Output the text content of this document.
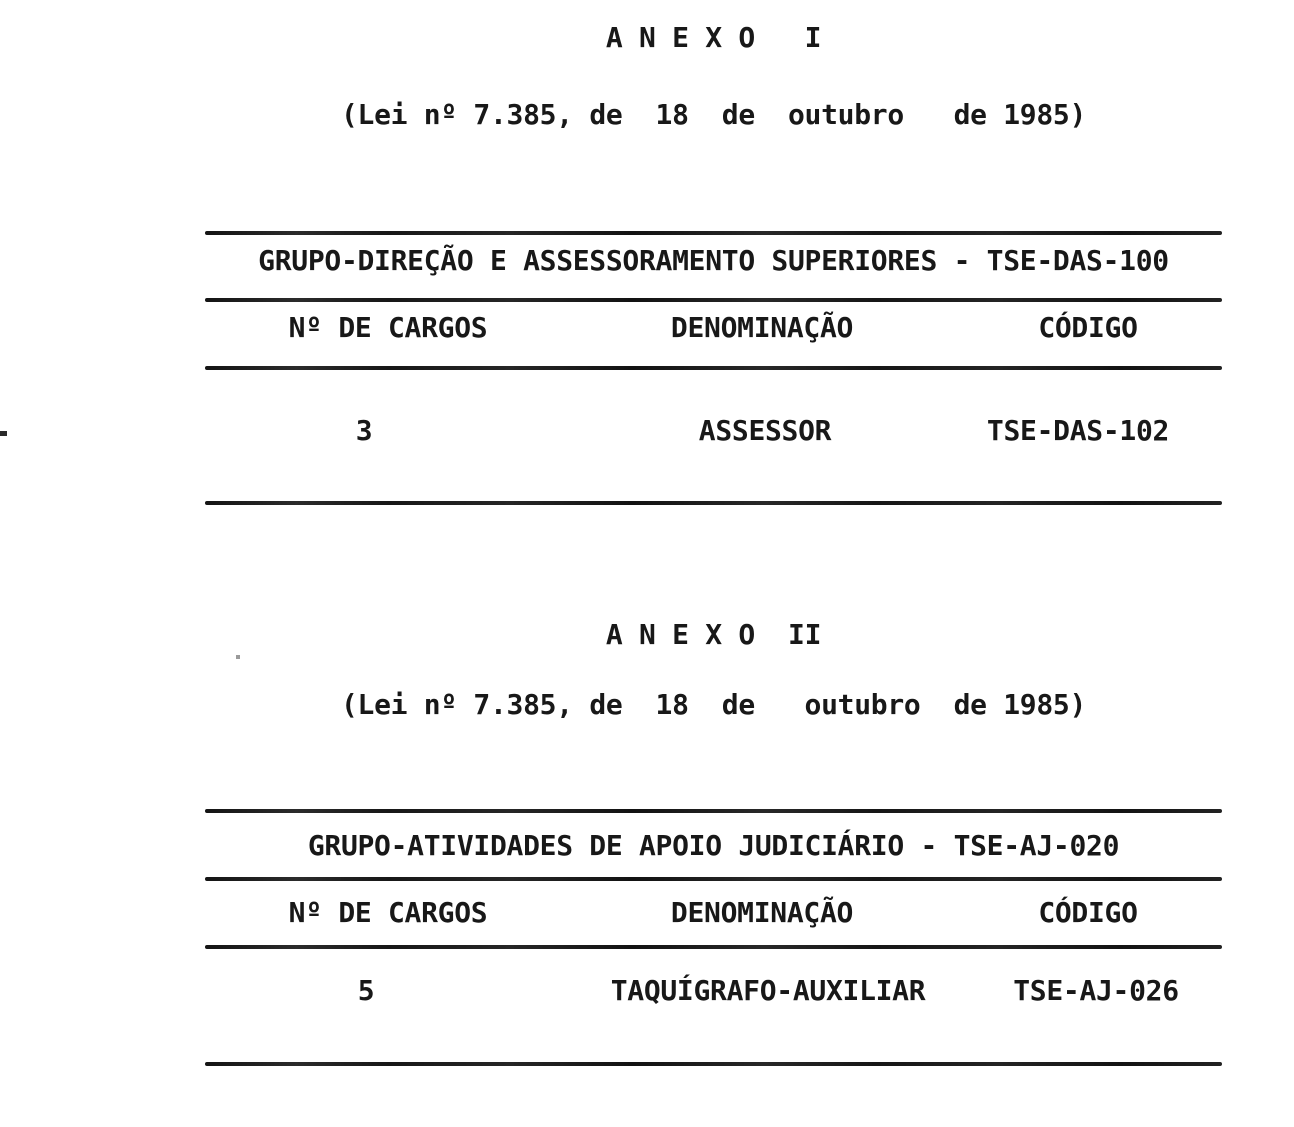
A N E X O   I
(Lei nº 7.385, de  18  de  outubro   de 1985)
GRUPO-DIREÇÃO E ASSESSORAMENTO SUPERIORES - TSE-DAS-100
Nº DE CARGOS	DENOMINAÇÃO	CÓDIGO
3	ASSESSOR	TSE-DAS-102
A N E X O  II
(Lei nº 7.385, de  18  de   outubro  de 1985)
GRUPO-ATIVIDADES DE APOIO JUDICIÁRIO - TSE-AJ-020
Nº DE CARGOS	DENOMINAÇÃO	CÓDIGO
5	TAQUÍGRAFO-AUXILIAR	TSE-AJ-026
